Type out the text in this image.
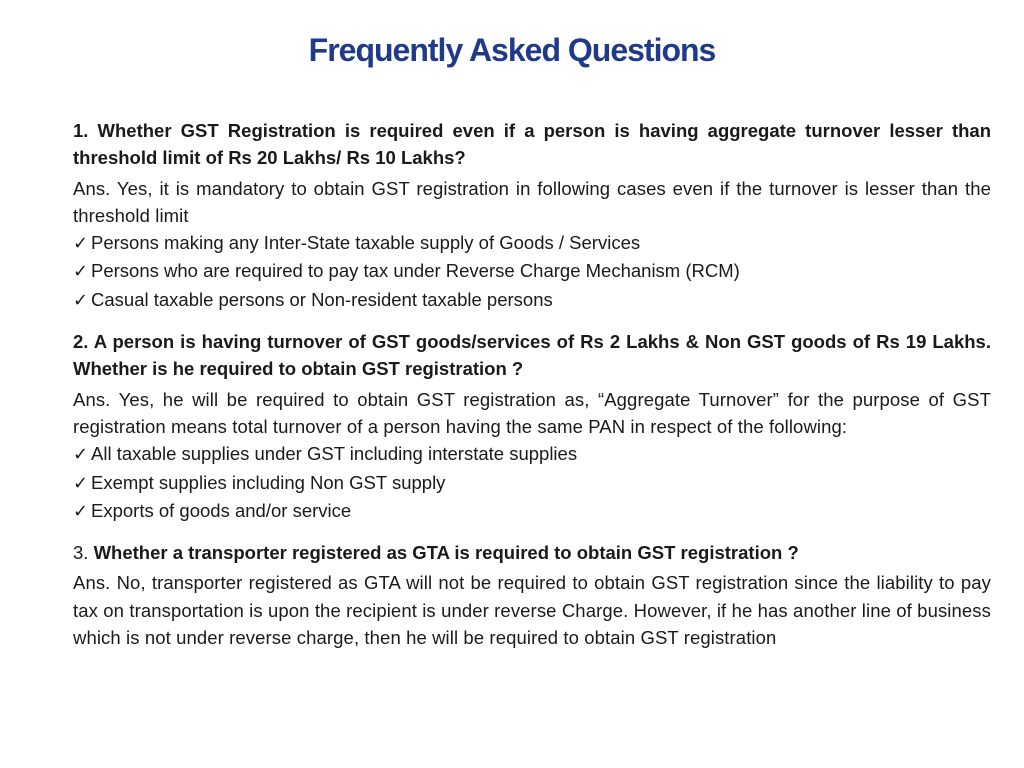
Frequently Asked Questions

1. Whether GST Registration is required even if a person is having aggregate turnover lesser than threshold limit of Rs 20 Lakhs/ Rs 10 Lakhs?

Ans. Yes, it is mandatory to obtain GST registration in following cases even if the turnover is lesser than the threshold limit

✓ Persons making any Inter-State taxable supply of Goods / Services
✓ Persons who are required to pay tax under Reverse Charge Mechanism (RCM)
✓ Casual taxable persons or Non-resident taxable persons

2. A person is having turnover of GST goods/services of Rs 2 Lakhs & Non GST goods of Rs 19 Lakhs. Whether is he required to obtain GST registration ?

Ans. Yes, he will be required to obtain GST registration as, “Aggregate Turnover” for the purpose of GST registration means total turnover of a person having the same PAN in respect of the following:

✓ All taxable supplies under GST including interstate supplies
✓ Exempt supplies including Non GST supply
✓ Exports of goods and/or service

3. Whether a transporter registered as GTA is required to obtain GST registration ?

Ans. No, transporter registered as GTA will not be required to obtain GST registration since the liability to pay tax on transportation is upon the recipient is under reverse Charge. However, if he has another line of business which is not under reverse charge, then he will be required to obtain GST registration
